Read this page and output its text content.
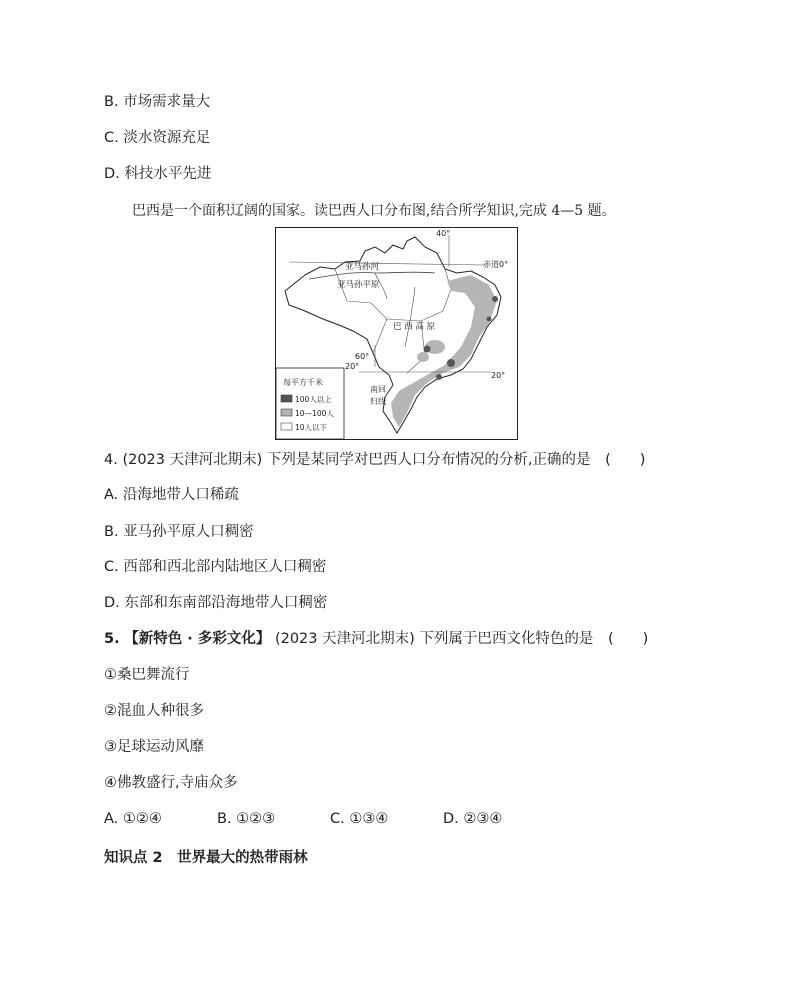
B. 市场需求量大
C. 淡水资源充足
D. 科技水平先进
巴西是一个面积辽阔的国家。读巴西人口分布图,结合所学知识,完成 4—5 题。
亚马孙河
亚马孙平原
巴 西 高 原
赤道0°
40°
60°
20°
20°
南回
归线
每平方千米
100人以上
10—100人
10人以下
4. (2023 天津河北期末) 下列是某同学对巴西人口分布情况的分析,正确的是 (　　)
A. 沿海地带人口稀疏
B. 亚马孙平原人口稠密
C. 西部和西北部内陆地区人口稠密
D. 东部和东南部沿海地带人口稠密
5. 【新特色 · 多彩文化】 (2023 天津河北期末) 下列属于巴西文化特色的是 (　　)
①桑巴舞流行
②混血人种很多
③足球运动风靡
④佛教盛行,寺庙众多
A. ①②④	B. ①②③	C. ①③④	D. ②③④
知识点 2　世界最大的热带雨林
